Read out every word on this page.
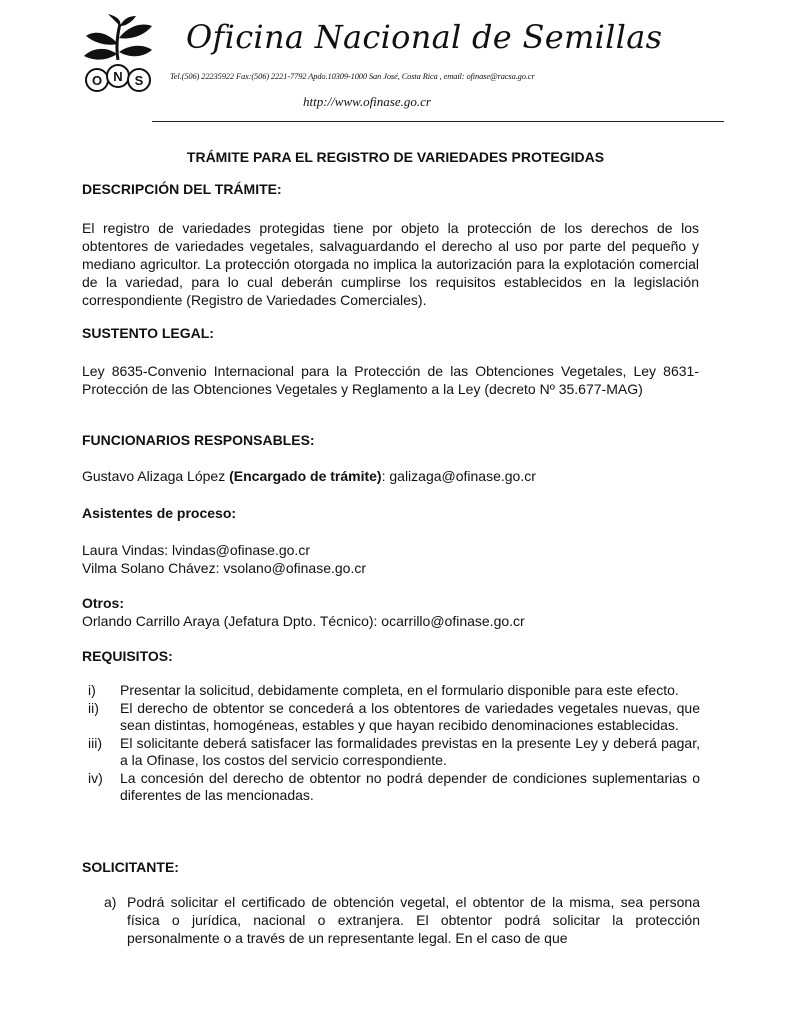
O N S
Oficina Nacional de Semillas
Tel.(506) 22235922 Fax:(506) 2221-7792 Apdo.10309-1000 San José, Costa Rica , email: ofinase@racsa.go.cr
http://www.ofinase.go.cr
TRÁMITE PARA EL REGISTRO DE VARIEDADES PROTEGIDAS
DESCRIPCIÓN DEL TRÁMITE:

El registro de variedades protegidas tiene por objeto la protección de los derechos de los obtentores de variedades vegetales, salvaguardando el derecho al uso por parte del pequeño y mediano agricultor. La protección otorgada no implica la autorización para la explotación comercial de la variedad, para lo cual deberán cumplirse los requisitos establecidos en la legislación correspondiente (Registro de Variedades Comerciales).

SUSTENTO LEGAL:

Ley 8635-Convenio Internacional para la Protección de las Obtenciones Vegetales, Ley 8631-Protección de las Obtenciones Vegetales y Reglamento a la Ley (decreto Nº 35.677-MAG)

FUNCIONARIOS RESPONSABLES:

Gustavo Alizaga López (Encargado de trámite): galizaga@ofinase.go.cr

Asistentes de proceso:

Laura Vindas: lvindas@ofinase.go.cr

Vilma Solano Chávez: vsolano@ofinase.go.cr

Otros:

Orlando Carrillo Araya (Jefatura Dpto. Técnico): ocarrillo@ofinase.go.cr

REQUISITOS:
i) Presentar la solicitud, debidamente completa, en el formulario disponible para este efecto.
ii) El derecho de obtentor se concederá a los obtentores de variedades vegetales nuevas, que sean distintas, homogéneas, estables y que hayan recibido denominaciones establecidas.
iii) El solicitante deberá satisfacer las formalidades previstas en la presente Ley y deberá pagar, a la Ofinase, los costos del servicio correspondiente.
iv) La concesión del derecho de obtentor no podrá depender de condiciones suplementarias o diferentes de las mencionadas.
SOLICITANTE:
a) Podrá solicitar el certificado de obtención vegetal, el obtentor de la misma, sea persona física o jurídica, nacional o extranjera. El obtentor podrá solicitar la protección personalmente o a través de un representante legal. En el caso de que
